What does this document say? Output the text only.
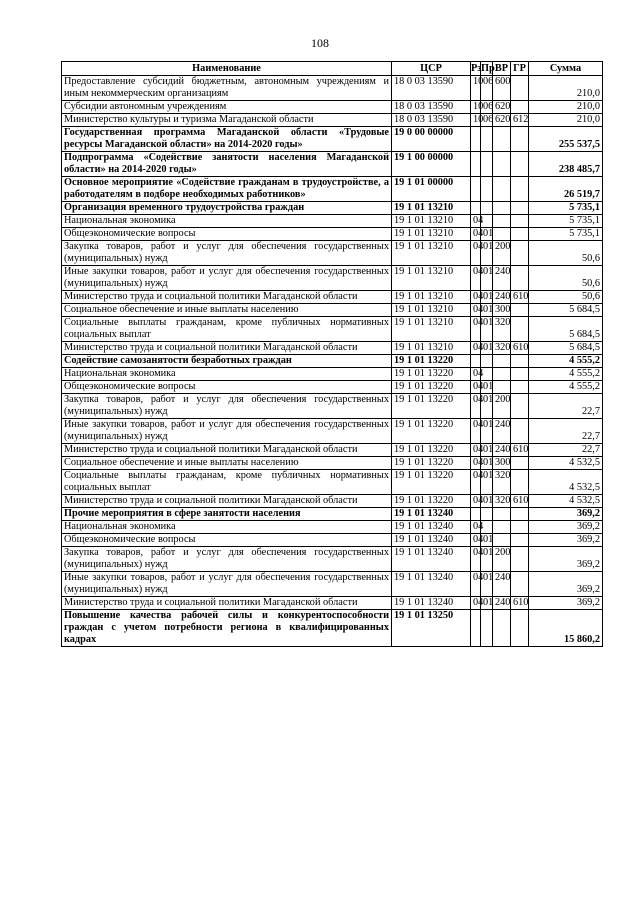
108
Наименование	ЦСР	Рз	Пр	ВР	ГР	Сумма
Предоставление субсидий бюджетным, автономным учреждениям и иным некоммерческим организациям	18 0 03 13590	10	06	600		210,0
Субсидии автономным учреждениям	18 0 03 13590	10	06	620		210,0
Министерство культуры и туризма Магаданской области	18 0 03 13590	10	06	620	612	210,0
Государственная программа Магаданской области «Трудовые ресурсы Магаданской области» на 2014-2020 годы»	19 0 00 00000					255 537,5
Подпрограмма «Содействие занятости населения Магаданской области» на 2014-2020 годы»	19 1 00 00000					238 485,7
Основное мероприятие «Содействие гражданам в трудоустройстве, а работодателям в подборе необходимых работников»	19 1 01 00000					26 519,7
Организация временного трудоустройства граждан	19 1 01 13210					5 735,1
Национальная экономика	19 1 01 13210	04				5 735,1
Общеэкономические вопросы	19 1 01 13210	04	01			5 735,1
Закупка товаров, работ и услуг для обеспечения государственных (муниципальных) нужд	19 1 01 13210	04	01	200		50,6
Иные закупки товаров, работ и услуг для обеспечения государственных (муниципальных) нужд	19 1 01 13210	04	01	240		50,6
Министерство труда и социальной политики Магаданской области	19 1 01 13210	04	01	240	610	50,6
Социальное обеспечение и иные выплаты населению	19 1 01 13210	04	01	300		5 684,5
Социальные выплаты гражданам, кроме публичных нормативных социальных выплат	19 1 01 13210	04	01	320		5 684,5
Министерство труда и социальной политики Магаданской области	19 1 01 13210	04	01	320	610	5 684,5
Содействие самозанятости безработных граждан	19 1 01 13220					4 555,2
Национальная экономика	19 1 01 13220	04				4 555,2
Общеэкономические вопросы	19 1 01 13220	04	01			4 555,2
Закупка товаров, работ и услуг для обеспечения государственных (муниципальных) нужд	19 1 01 13220	04	01	200		22,7
Иные закупки товаров, работ и услуг для обеспечения государственных (муниципальных) нужд	19 1 01 13220	04	01	240		22,7
Министерство труда и социальной политики Магаданской области	19 1 01 13220	04	01	240	610	22,7
Социальное обеспечение и иные выплаты населению	19 1 01 13220	04	01	300		4 532,5
Социальные выплаты гражданам, кроме публичных нормативных социальных выплат	19 1 01 13220	04	01	320		4 532,5
Министерство труда и социальной политики Магаданской области	19 1 01 13220	04	01	320	610	4 532,5
Прочие мероприятия в сфере занятости населения	19 1 01 13240					369,2
Национальная экономика	19 1 01 13240	04				369,2
Общеэкономические вопросы	19 1 01 13240	04	01			369,2
Закупка товаров, работ и услуг для обеспечения государственных (муниципальных) нужд	19 1 01 13240	04	01	200		369,2
Иные закупки товаров, работ и услуг для обеспечения государственных (муниципальных) нужд	19 1 01 13240	04	01	240		369,2
Министерство труда и социальной политики Магаданской области	19 1 01 13240	04	01	240	610	369,2
Повышение качества рабочей силы и конкурентоспособности граждан с учетом потребности региона в квалифицированных кадрах	19 1 01 13250					15 860,2
